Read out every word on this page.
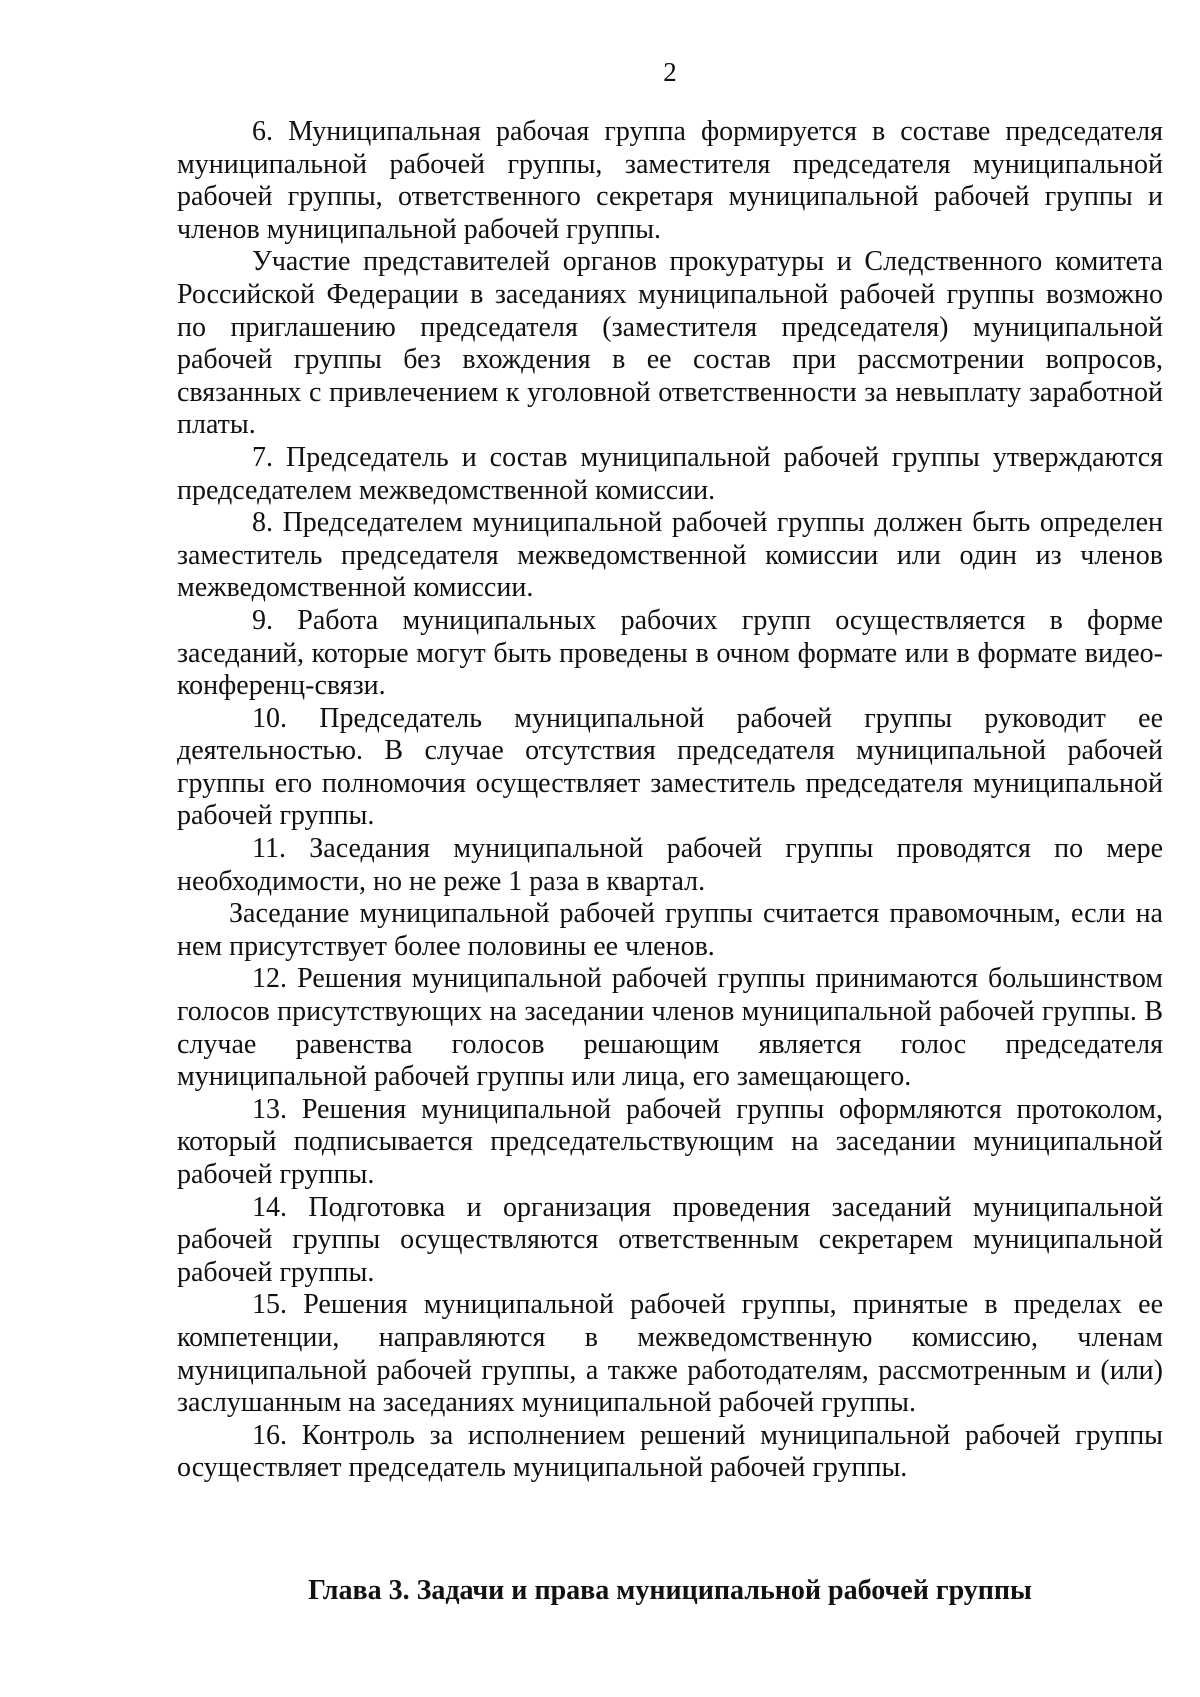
2

6. Муниципальная рабочая группа формируется в составе председателя муниципальной рабочей группы, заместителя председателя муниципальной рабочей группы, ответственного секретаря муниципальной рабочей группы и членов муниципальной рабочей группы.

Участие представителей органов прокуратуры и Следственного комитета Российской Федерации в заседаниях муниципальной рабочей группы возможно по приглашению председателя (заместителя председателя) муниципальной рабочей группы без вхождения в ее состав при рассмотрении вопросов, связанных с привлечением к уголовной ответственности за невыплату заработной платы.

7. Председатель и состав муниципальной рабочей группы утверждаются председателем межведомственной комиссии.

8. Председателем муниципальной рабочей группы должен быть определен заместитель председателя межведомственной комиссии или один из членов межведомственной комиссии.

9. Работа муниципальных рабочих групп осуществляется в форме заседаний, которые могут быть проведены в очном формате или в формате видео-конференц-связи.

10. Председатель муниципальной рабочей группы руководит ее деятельностью. В случае отсутствия председателя муниципальной рабочей группы его полномочия осуществляет заместитель председателя муниципальной рабочей группы.

11. Заседания муниципальной рабочей группы проводятся по мере необходимости, но не реже 1 раза в квартал.

Заседание муниципальной рабочей группы считается правомочным, если на нем присутствует более половины ее членов.

12. Решения муниципальной рабочей группы принимаются большинством голосов присутствующих на заседании членов муниципальной рабочей группы. В случае равенства голосов решающим является голос председателя муниципальной рабочей группы или лица, его замещающего.

13. Решения муниципальной рабочей группы оформляются протоколом, который подписывается председательствующим на заседании муниципальной рабочей группы.

14. Подготовка и организация проведения заседаний муниципальной рабочей группы осуществляются ответственным секретарем муниципальной рабочей группы.

15. Решения муниципальной рабочей группы, принятые в пределах ее компетенции, направляются в межведомственную комиссию, членам муниципальной рабочей группы, а также работодателям, рассмотренным и (или) заслушанным на заседаниях муниципальной рабочей группы.

16. Контроль за исполнением решений муниципальной рабочей группы осуществляет председатель муниципальной рабочей группы.

Глава 3. Задачи и права муниципальной рабочей группы
